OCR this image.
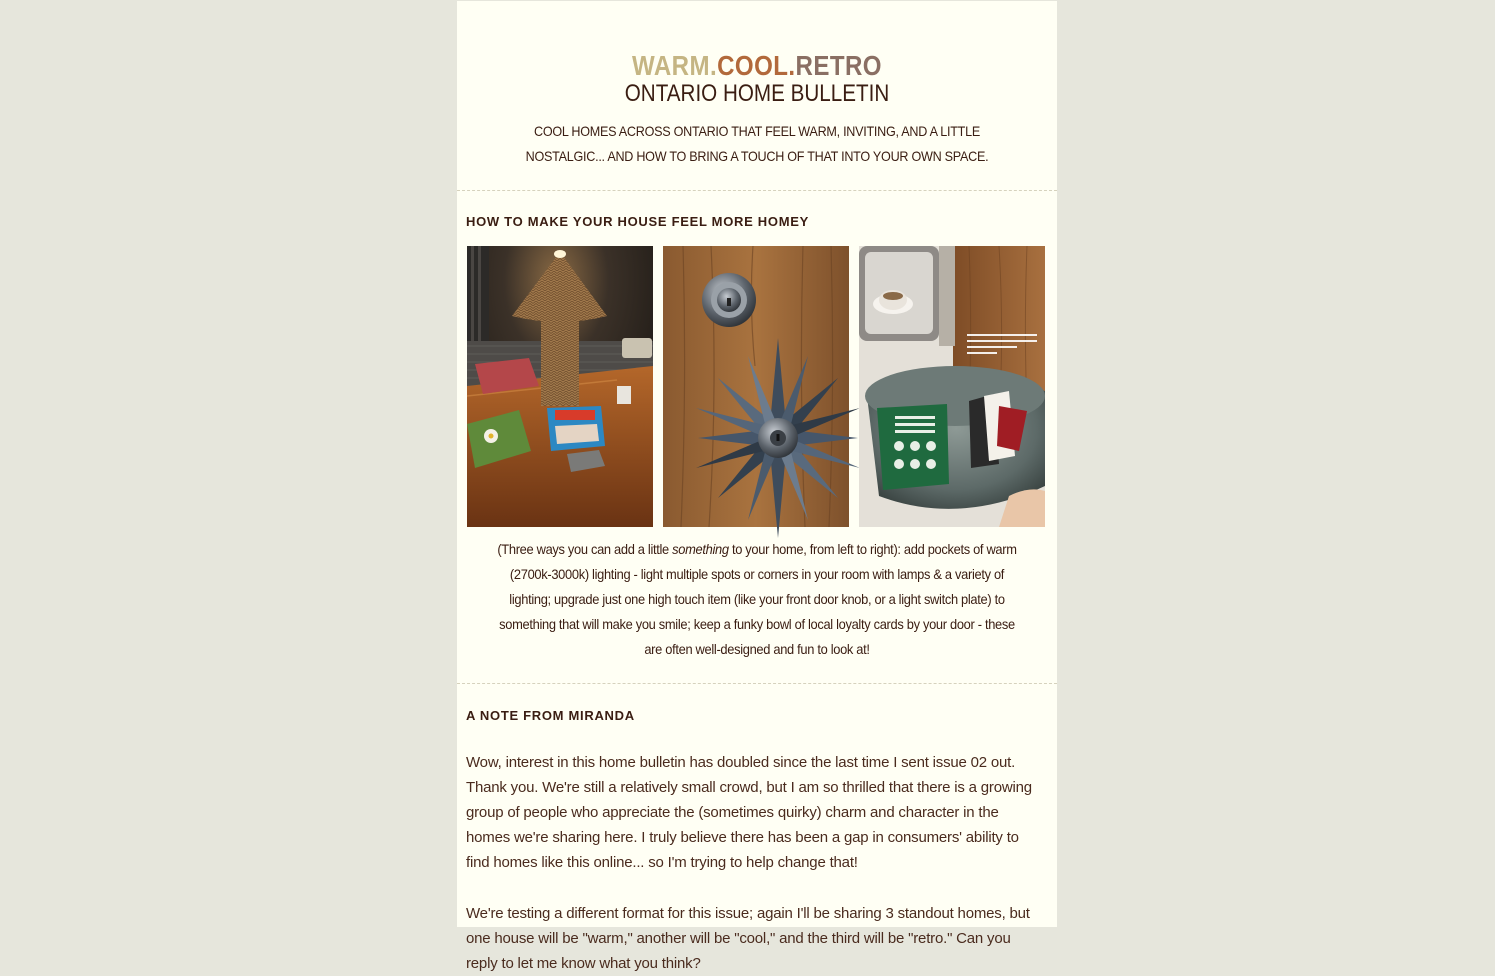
WARM.COOL.RETRO
ONTARIO HOME BULLETIN
COOL HOMES ACROSS ONTARIO THAT FEEL WARM, INVITING, AND A LITTLE NOSTALGIC... AND HOW TO BRING A TOUCH OF THAT INTO YOUR OWN SPACE.
HOW TO MAKE YOUR HOUSE FEEL MORE HOMEY
(Three ways you can add a little something to your home, from left to right): add pockets of warm (2700k-3000k) lighting - light multiple spots or corners in your room with lamps & a variety of lighting; upgrade just one high touch item (like your front door knob, or a light switch plate) to something that will make you smile; keep a funky bowl of local loyalty cards by your door - these are often well-designed and fun to look at!
A NOTE FROM MIRANDA

Wow, interest in this home bulletin has doubled since the last time I sent issue 02 out. Thank you. We're still a relatively small crowd, but I am so thrilled that there is a growing group of people who appreciate the (sometimes quirky) charm and character in the homes we're sharing here. I truly believe there has been a gap in consumers' ability to find homes like this online... so I'm trying to help change that!

We're testing a different format for this issue; again I'll be sharing 3 standout homes, but one house will be "warm," another will be "cool," and the third will be "retro." Can you reply to let me know what you think?
